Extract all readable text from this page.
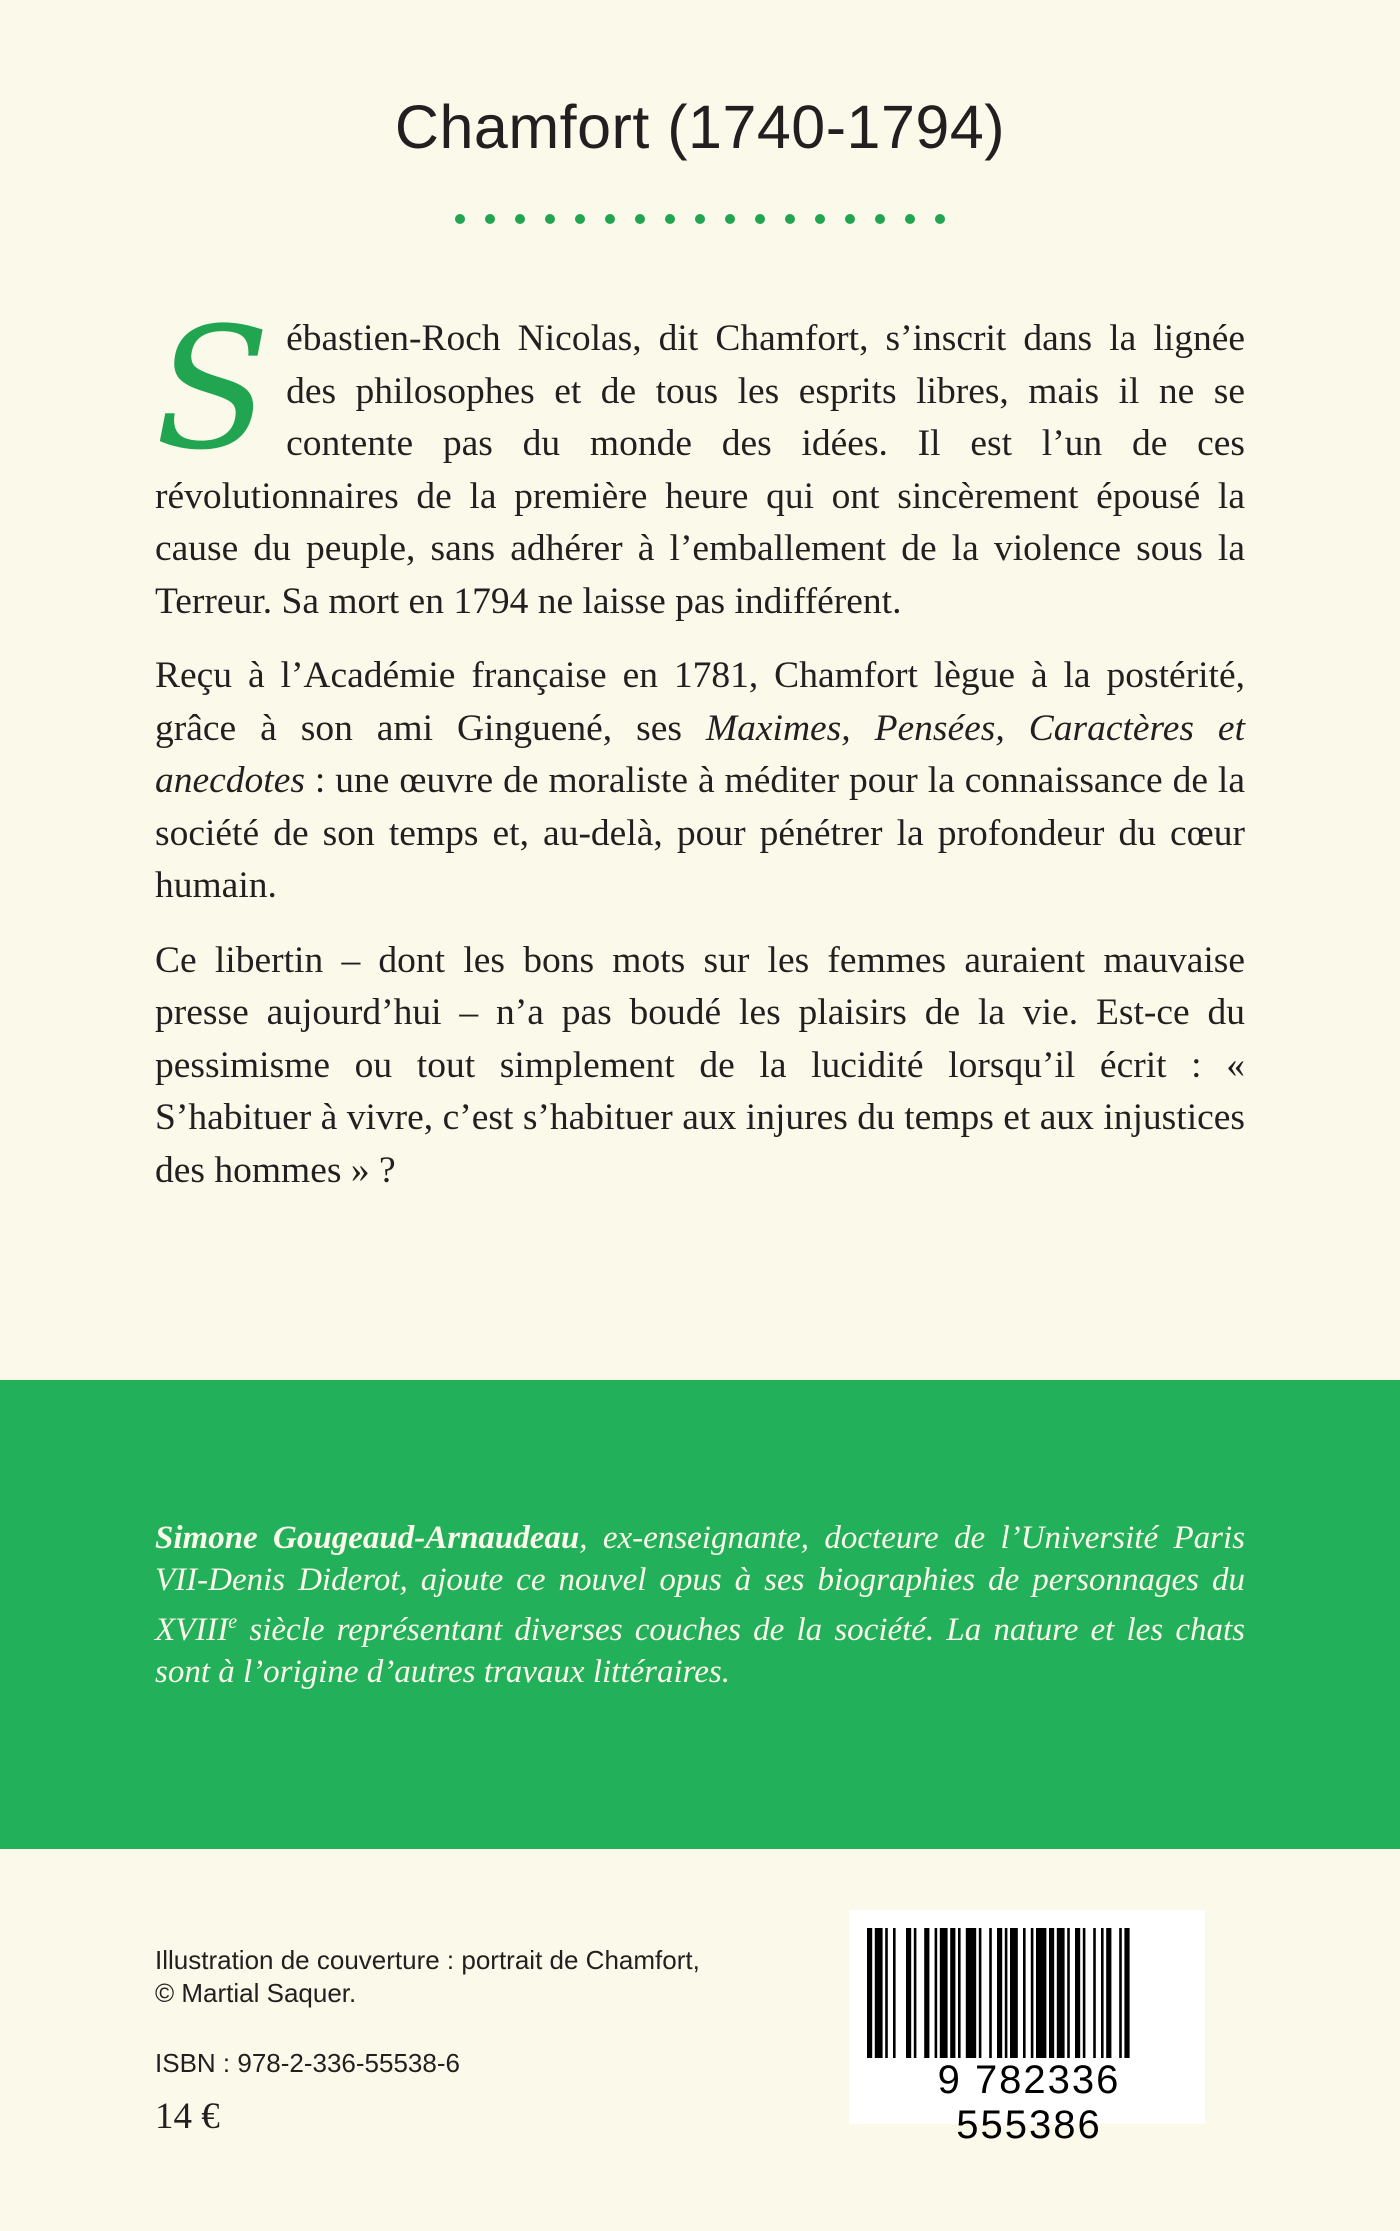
Chamfort (1740-1794)

Sébastien-Roch Nicolas, dit Chamfort, s’inscrit dans la lignée des philosophes et de tous les esprits libres, mais il ne se contente pas du monde des idées. Il est l’un de ces révolutionnaires de la première heure qui ont sincèrement épousé la cause du peuple, sans adhérer à l’emballement de la violence sous la Terreur. Sa mort en 1794 ne laisse pas indifférent.

Reçu à l’Académie française en 1781, Chamfort lègue à la postérité, grâce à son ami Ginguené, ses Maximes, Pensées, Caractères et anecdotes : une œuvre de moraliste à méditer pour la connaissance de la société de son temps et, au-delà, pour pénétrer la profondeur du cœur humain.

Ce libertin – dont les bons mots sur les femmes auraient mauvaise presse aujourd’hui – n’a pas boudé les plaisirs de la vie. Est-ce du pessimisme ou tout simplement de la lucidité lorsqu’il écrit : « S’habituer à vivre, c’est s’habituer aux injures du temps et aux injustices des hommes » ?

Simone Gougeaud-Arnaudeau, ex-enseignante, docteure de l’Université Paris VII-Denis Diderot, ajoute ce nouvel opus à ses biographies de personnages du XVIIIe siècle représentant diverses couches de la société. La nature et les chats sont à l’origine d’autres travaux littéraires.
Illustration de couverture : portrait de Chamfort,
© Martial Saquer.
ISBN : 978-2-336-55538-6
14 €
9 782336 555386
